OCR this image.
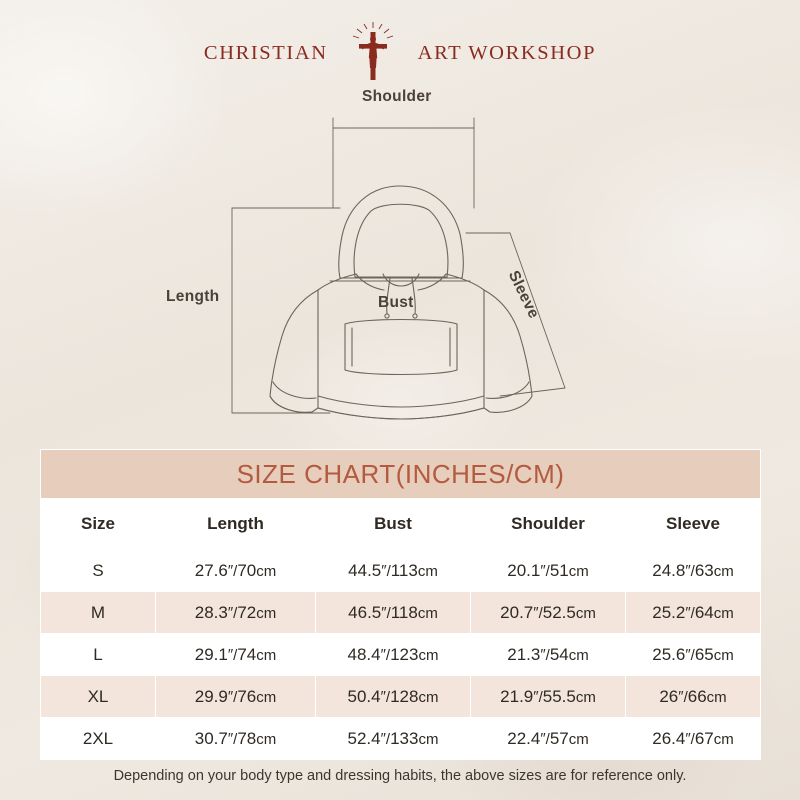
CHRISTIAN	ART WORKSHOP
Shoulder
Bust
Length	Sleeve
SIZE CHART(INCHES/CM)				
Size	Length	Bust	Shoulder	Sleeve
S	27.6″/70cm	44.5″/113cm	20.1″/51cm	24.8″/63cm
M	28.3″/72cm	46.5″/118cm	20.7″/52.5cm	25.2″/64cm
L	29.1″/74cm	48.4″/123cm	21.3″/54cm	25.6″/65cm
XL	29.9″/76cm	50.4″/128cm	21.9″/55.5cm	26″/66cm
2XL	30.7″/78cm	52.4″/133cm	22.4″/57cm	26.4″/67cm
Depending on your body type and dressing habits, the above sizes are for reference only.
